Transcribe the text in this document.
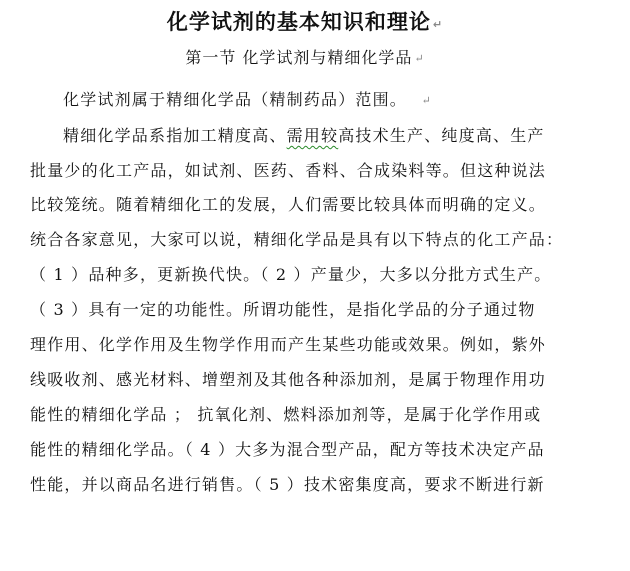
化学试剂的基本知识和理论 ↵
第一节 化学试剂与精细化学品 ↵
化学试剂属于精细化学品（精制药品）范围。 ↵
精细化学品系指加工精度高、需用较高技术生产、纯度高、生产
批量少的化工产品，如试剂、医药、香料、合成染料等。但这种说法
比较笼统。随着精细化工的发展，人们需要比较具体而明确的定义。
统合各家意见，大家可以说，精细化学品是具有以下特点的化工产品：
（ 1 ）品种多，更新换代快。（ 2 ）产量少，大多以分批方式生产。
（ 3 ）具有一定的功能性。所谓功能性，是指化学品的分子通过物
理作用、化学作用及生物学作用而产生某些功能或效果。例如，紫外
线吸收剂、感光材料、增塑剂及其他各种添加剂，是属于物理作用功
能性的精细化学品 ； 抗氧化剂、燃料添加剂等，是属于化学作用或
能性的精细化学品。（ 4 ）大多为混合型产品，配方等技术决定产品
性能，并以商品名进行销售。（ 5 ）技术密集度高，要求不断进行新
